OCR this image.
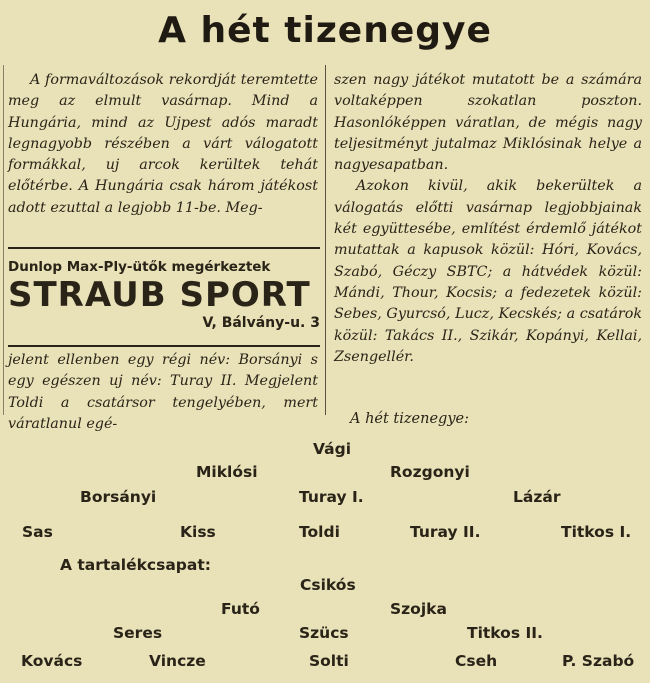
A hét tizenegye

A formaváltozások rekordját teremtette meg az elmult vasárnap. Mind a Hungária, mind az Ujpest adós maradt legnagyobb részében a várt válogatott formákkal, uj arcok kerültek tehát előtérbe. A Hungária csak három játékost adott ezuttal a legjobb 11-be. Meg-

Dunlop Max-Ply-ütők megérkeztek
STRAUB SPORT
V, Bálvány-u. 3

jelent ellenben egy régi név: Borsányi s egy egészen uj név: Turay II. Megjelent Toldi a csatársor tengelyében, mert váratlanul egé-

szen nagy játékot mutatott be a számára voltaképpen szokatlan poszton. Hasonlóképpen váratlan, de mégis nagy teljesitményt jutalmaz Miklósinak helye a nagyesapatban.

Azokon kivül, akik bekerültek a válogatás előtti vasárnap legjobbjainak két együttesébe, említést érdemlő játékot mutattak a kapusok közül: Hóri, Kovács, Szabó, Géczy SBTC; a hátvédek közül: Mándi, Thour, Kocsis; a fedezetek közül: Sebes, Gyurcsó, Lucz, Kecskés; a csatárok közül: Takács II., Szikár, Kopányi, Kellai, Zsengellér.

A hét tizenegye:
Vági
Miklósi	Rozgonyi
Borsányi	Turay I.	Lázár
Sas	Kiss	Toldi	Turay II.	Titkos I.
A tartalékcsapat:
Csikós
Futó	Szojka
Seres	Szücs	Titkos II.
Kovács	Vincze	Solti	Cseh	P. Szabó
